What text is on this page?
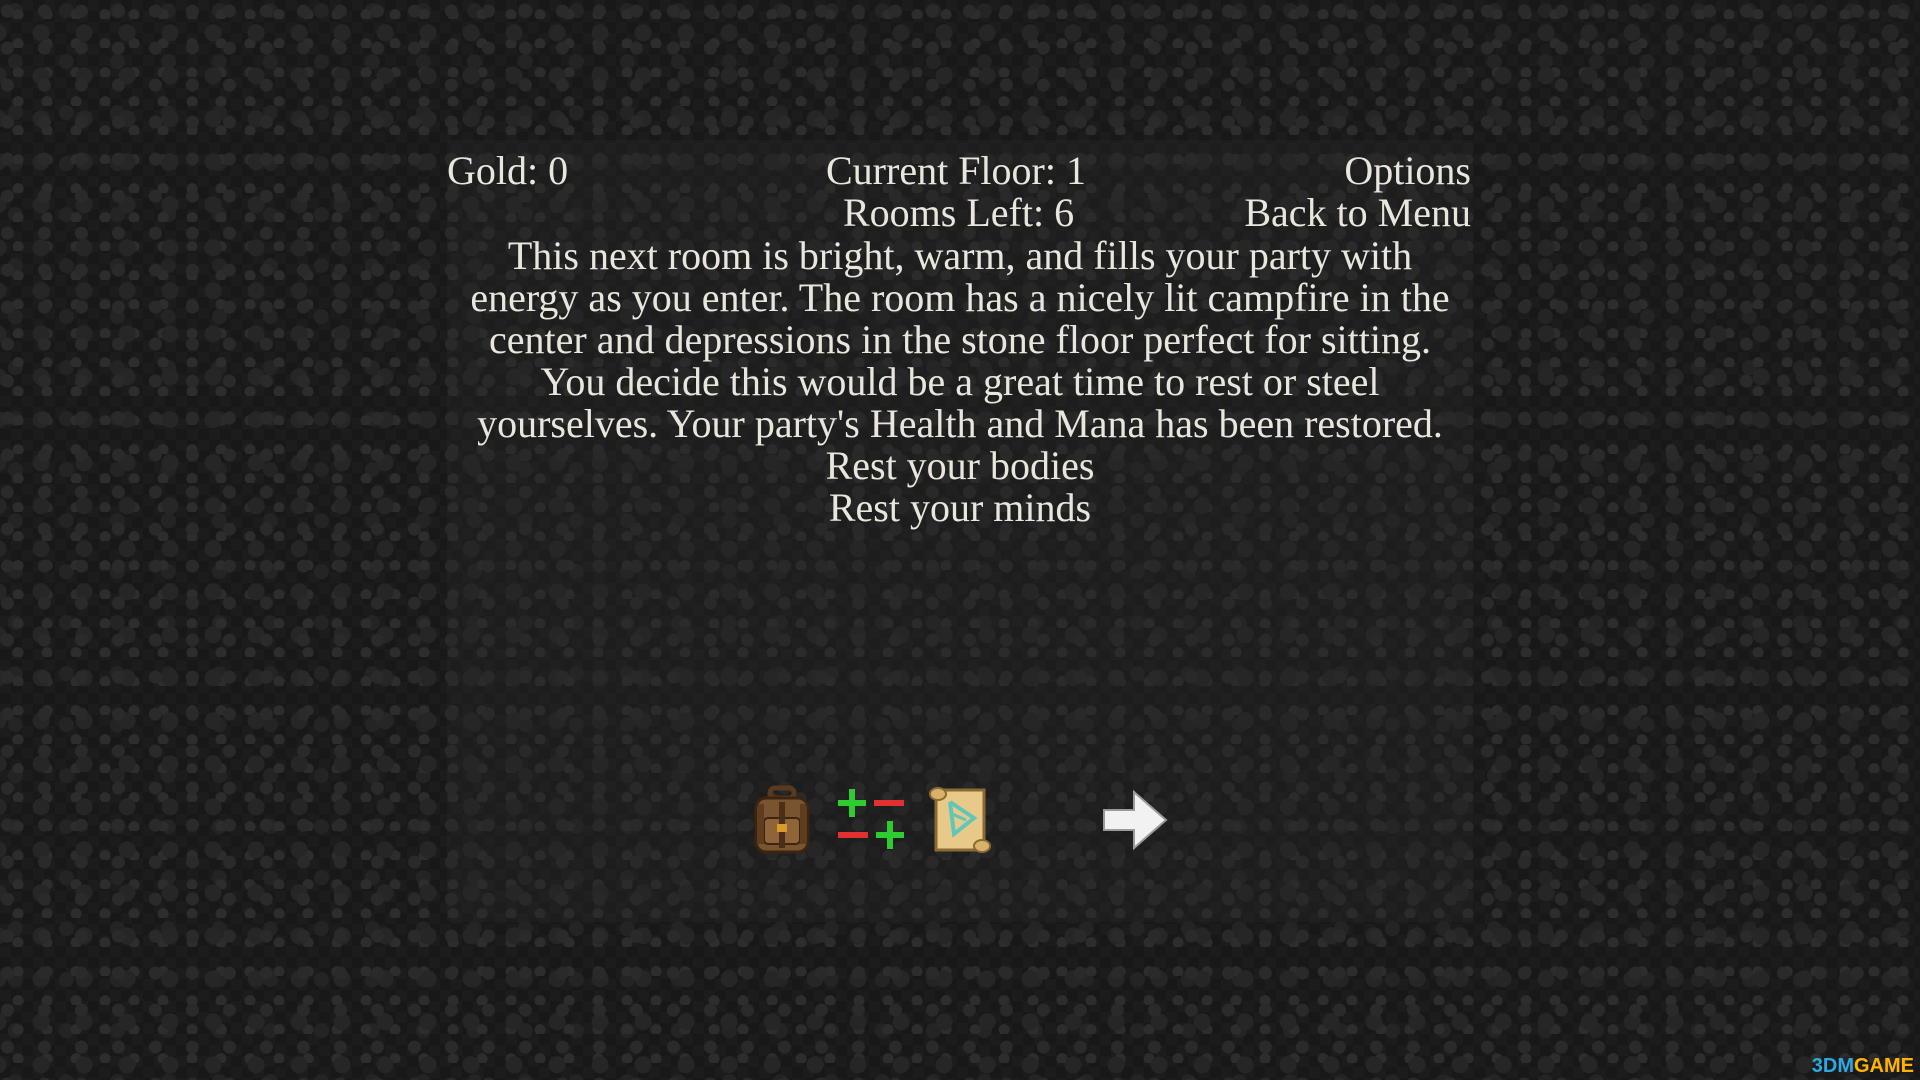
Gold: 0	Current Floor: 1	Options
Rooms Left: 6	Back to Menu
This next room is bright, warm, and fills your party with
energy as you enter. The room has a nicely lit campfire in the
center and depressions in the stone floor perfect for sitting.
You decide this would be a great time to rest or steel
yourselves. Your party's Health and Mana has been restored.
Rest your bodies
Rest your minds
3DMGAME
